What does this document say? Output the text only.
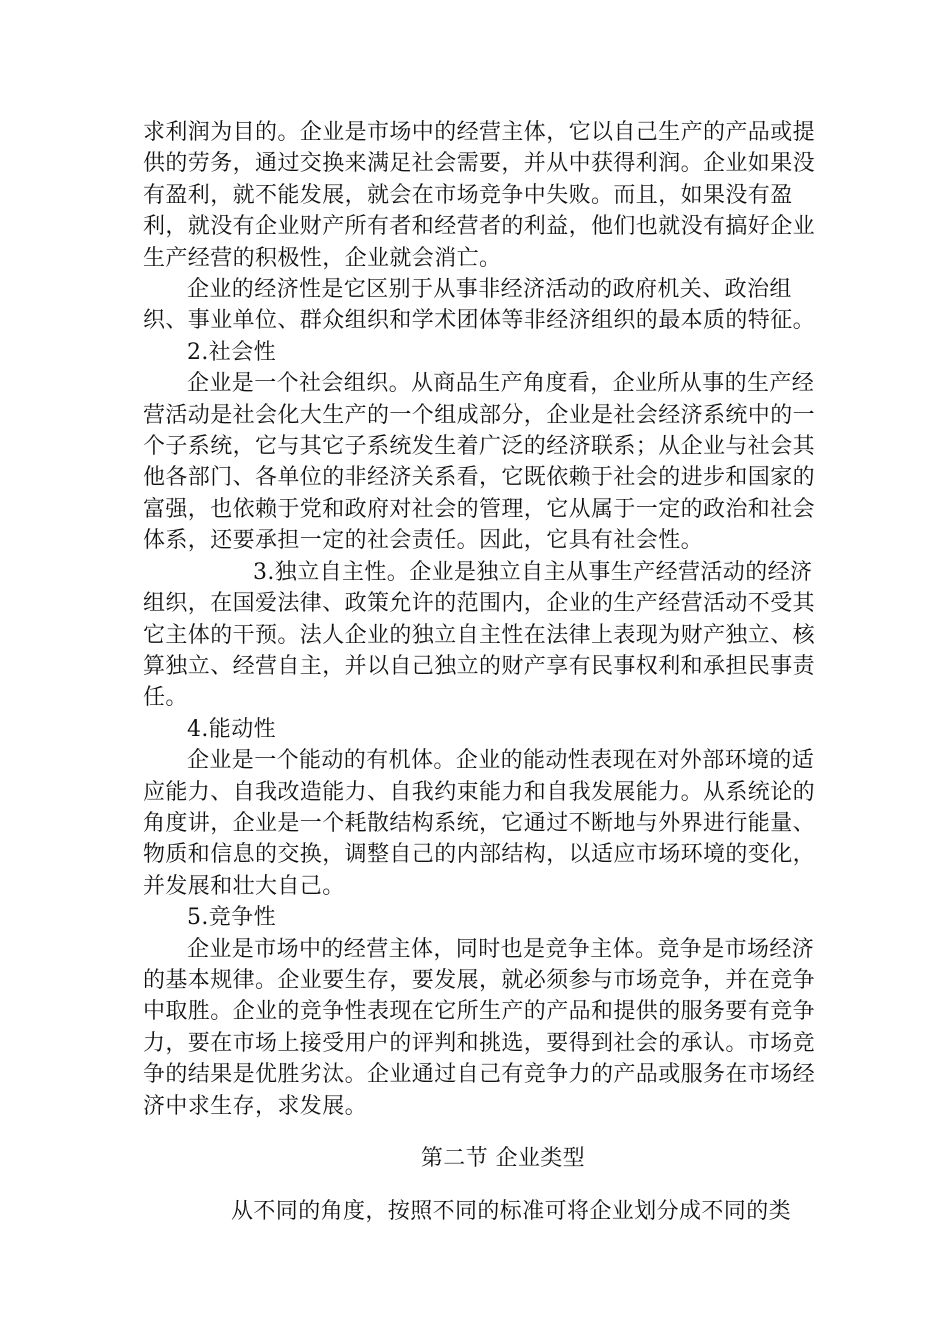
求利润为目的。企业是市场中的经营主体，它以自己生产的产品或提供的劳务，通过交换来满足社会需要，并从中获得利润。企业如果没有盈利，就不能发展，就会在市场竞争中失败。而且，如果没有盈利，就没有企业财产所有者和经营者的利益，他们也就没有搞好企业生产经营的积极性，企业就会消亡。

企业的经济性是它区别于从事非经济活动的政府机关、政治组织、事业单位、群众组织和学术团体等非经济组织的最本质的特征。

2.社会性

企业是一个社会组织。从商品生产角度看，企业所从事的生产经营活动是社会化大生产的一个组成部分，企业是社会经济系统中的一个子系统，它与其它子系统发生着广泛的经济联系；从企业与社会其他各部门、各单位的非经济关系看，它既依赖于社会的进步和国家的富强，也依赖于党和政府对社会的管理，它从属于一定的政治和社会体系，还要承担一定的社会责任。因此，它具有社会性。

3.独立自主性。企业是独立自主从事生产经营活动的经济组织，在国爱法律、政策允许的范围内，企业的生产经营活动不受其它主体的干预。法人企业的独立自主性在法律上表现为财产独立、核算独立、经营自主，并以自己独立的财产享有民事权利和承担民事责任。

4.能动性

企业是一个能动的有机体。企业的能动性表现在对外部环境的适应能力、自我改造能力、自我约束能力和自我发展能力。从系统论的角度讲，企业是一个耗散结构系统，它通过不断地与外界进行能量、物质和信息的交换，调整自己的内部结构，以适应市场环境的变化，并发展和壮大自己。

5.竞争性

企业是市场中的经营主体，同时也是竞争主体。竞争是市场经济的基本规律。企业要生存，要发展，就必须参与市场竞争，并在竞争中取胜。企业的竞争性表现在它所生产的产品和提供的服务要有竞争力，要在市场上接受用户的评判和挑选，要得到社会的承认。市场竞争的结果是优胜劣汰。企业通过自己有竞争力的产品或服务在市场经济中求生存，求发展。

第二节 企业类型

从不同的角度，按照不同的标准可将企业划分成不同的类
